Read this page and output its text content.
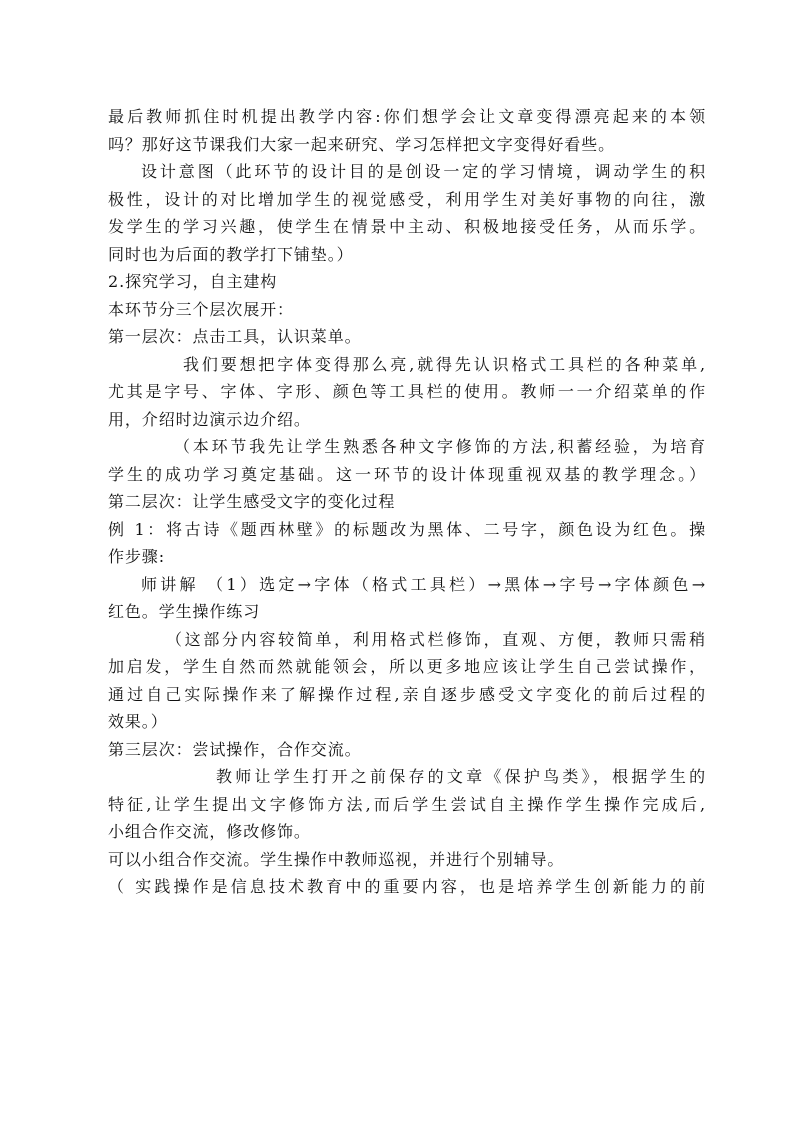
最后教师抓住时机提出教学内容:你们想学会让文章变得漂亮起来的本领
吗？那好这节课我们大家一起来研究、学习怎样把文字变得好看些。
设计意图（此环节的设计目的是创设一定的学习情境，调动学生的积
极性，设计的对比增加学生的视觉感受，利用学生对美好事物的向往，激
发学生的学习兴趣，使学生在情景中主动、积极地接受任务，从而乐学。
同时也为后面的教学打下铺垫。）
2.探究学习，自主建构
本环节分三个层次展开：
第一层次：点击工具，认识菜单。
我们要想把字体变得那么亮,就得先认识格式工具栏的各种菜单,
尤其是字号、字体、字形、颜色等工具栏的使用。教师一一介绍菜单的作
用，介绍时边演示边介绍。
（本环节我先让学生熟悉各种文字修饰的方法,积蓄经验，为培育
学生的成功学习奠定基础。这一环节的设计体现重视双基的教学理念。）
第二层次：让学生感受文字的变化过程
例 1：将古诗《题西林壁》的标题改为黑体、二号字，颜色设为红色。操
作步骤:
师讲解 （1）选定→字体（格式工具栏）→黑体→字号→字体颜色→
红色。学生操作练习
（这部分内容较简单，利用格式栏修饰，直观、方便，教师只需稍
加启发，学生自然而然就能领会，所以更多地应该让学生自己尝试操作，
通过自己实际操作来了解操作过程,亲自逐步感受文字变化的前后过程的
效果。）
第三层次：尝试操作，合作交流。
教师让学生打开之前保存的文章《保护鸟类》，根据学生的
特征,让学生提出文字修饰方法,而后学生尝试自主操作学生操作完成后,
小组合作交流，修改修饰。
可以小组合作交流。学生操作中教师巡视，并进行个别辅导。
（ 实践操作是信息技术教育中的重要内容，也是培养学生创新能力的前
